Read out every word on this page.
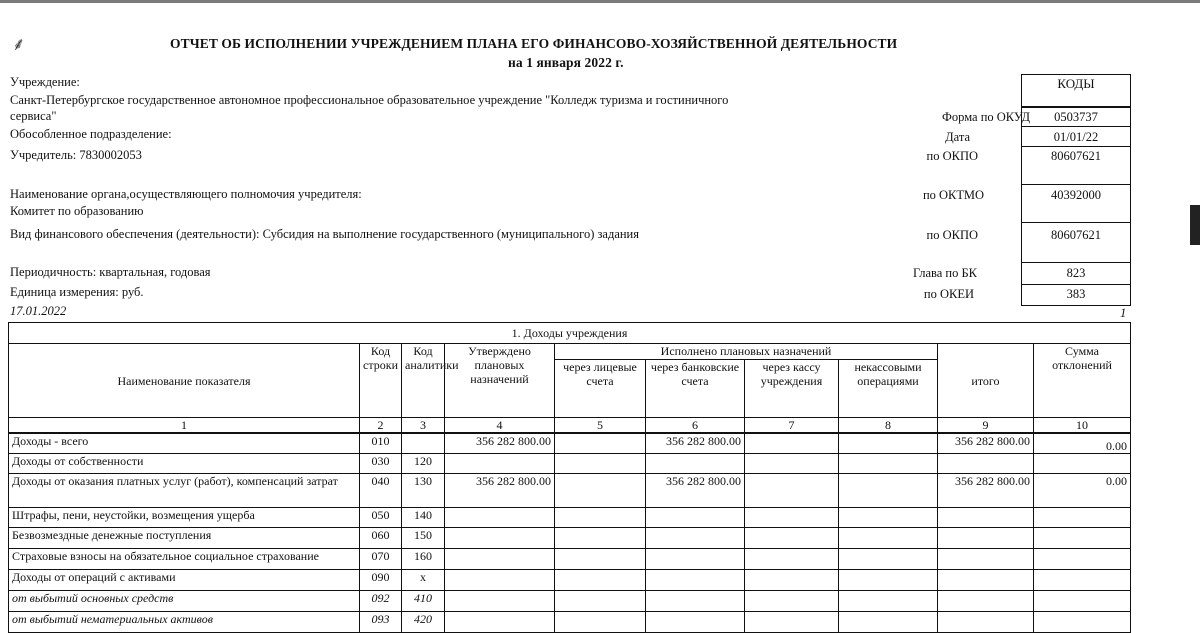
⸙	ОТЧЕТ ОБ ИСПОЛНЕНИИ УЧРЕЖДЕНИЕМ ПЛАНА ЕГО ФИНАНСОВО-ХОЗЯЙСТВЕННОЙ ДЕЯТЕЛЬНОСТИ
на 1 января 2022 г.
Учреждение:
Санкт-Петербургское государственное автономное профессиональное образовательное учреждение "Колледж туризма и гостиничного
сервиса"
Обособленное подразделение:
Учредитель: 7830002053
Наименование органа,осуществляющего полномочия учредителя:
Комитет по образованию
Вид финансового обеспечения (деятельности): Субсидия на выполнение государственного (муниципального) задания
Периодичность: квартальная, годовая
Единица измерения: руб.
17.01.2022	1
КОДЫ
Форма по ОКУД	0503737
Дата	01/01/22
по ОКПО	80607621
по ОКТМО	40392000
по ОКПО	80607621
Глава по БК	823
по ОКЕИ	383
1. Доходы учреждения									
Наименование показателя	Код строки	Код аналитики	Утверждено плановых назначений	Исполнено плановых назначений				итого	Сумма отклонений
				через лицевые счета	через банковские счета	через кассу учреждения	некассовыми операциями		
1	2	3	4	5	6	7	8	9	10
Доходы - всего	010		356 282 800.00		356 282 800.00			356 282 800.00	0.00
Доходы от собственности	030	120							
Доходы от оказания платных услуг (работ), компенсаций затрат	040	130	356 282 800.00		356 282 800.00			356 282 800.00	0.00
Штрафы, пени, неустойки, возмещения ущерба	050	140							
Безвозмездные денежные поступления	060	150							
Страховые взносы на обязательное социальное страхование	070	160							
Доходы от операций с активами	090	x							
от выбытий основных средств	092	410							
от выбытий нематериальных активов	093	420							
